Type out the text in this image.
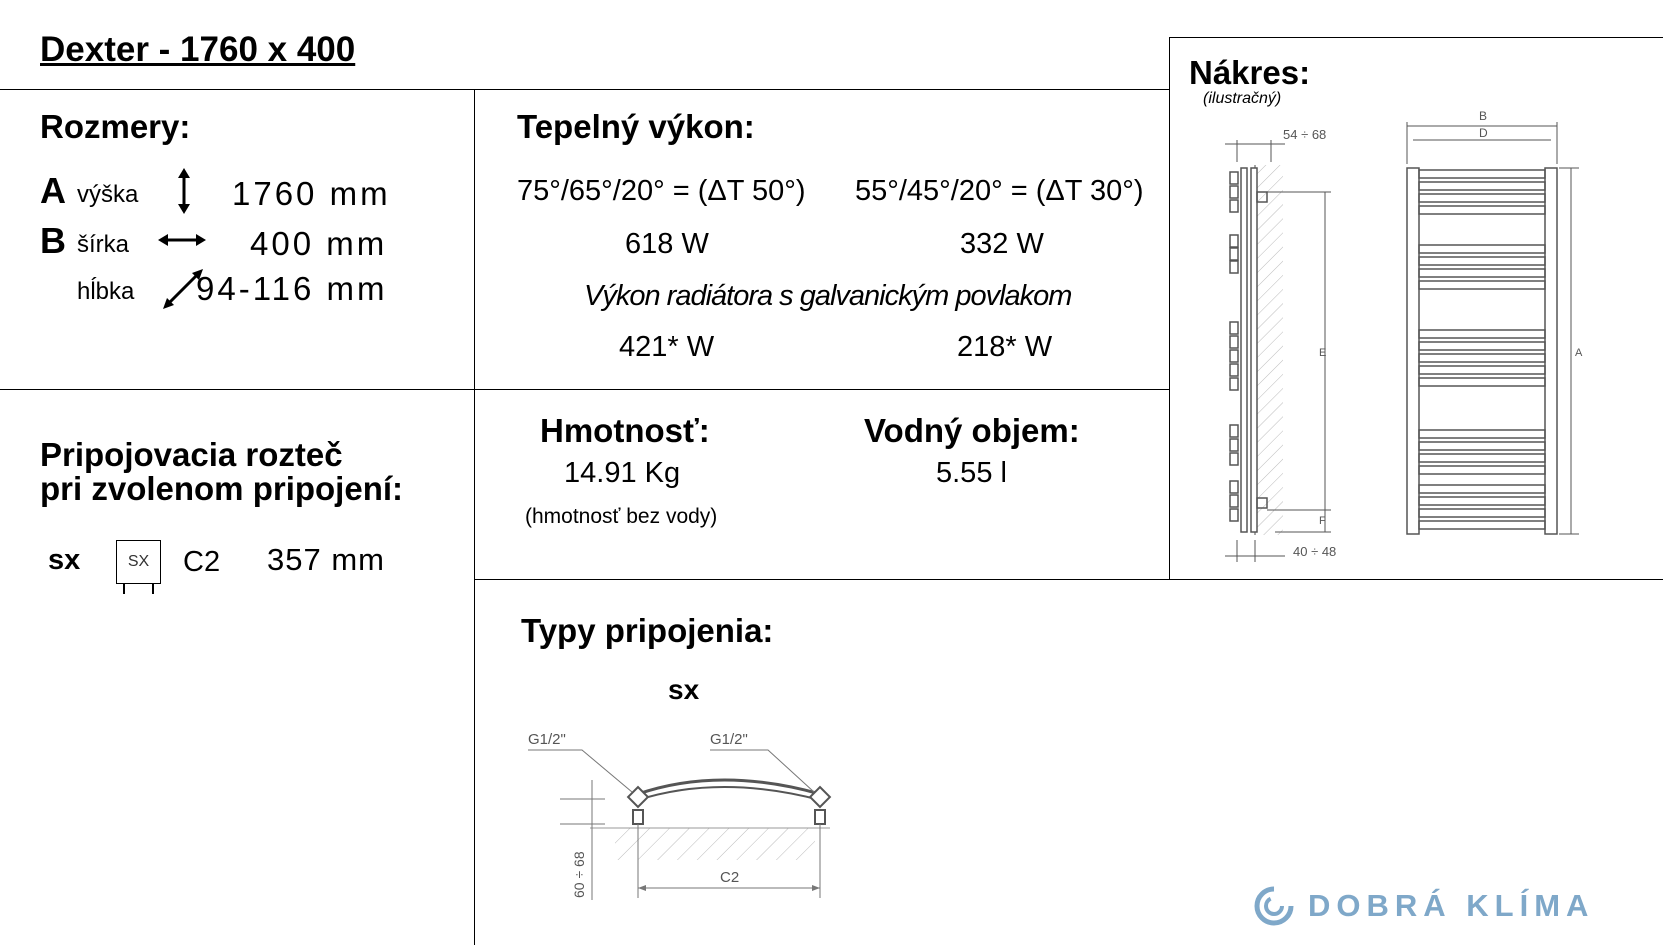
Dexter - 1760 x 400
Rozmery:
A výška	1760 mm
B šírka	400 mm
hĺbka 94-116 mm
Tepelný výkon:
75°/65°/20° = (ΔT 50°) 55°/45°/20° = (ΔT 30°)
618 W	332 W
Výkon radiátora s galvanickým povlakom
421* W	218* W
Hmotnosť:
14.91 Kg
(hmotnosť bez vody)
Vodný objem:
5.55 l
Pripojovacia rozteč
pri zvolenom pripojení:
sx	SX	C2 357 mm
Nákres:
(ilustračný)
54 ÷ 68
40 ÷ 48
E
F
B
D
A
Typy pripojenia:
sx
G1/2"	G1/2"
C2
60 ÷ 68
DOBRÁ KLÍMA
